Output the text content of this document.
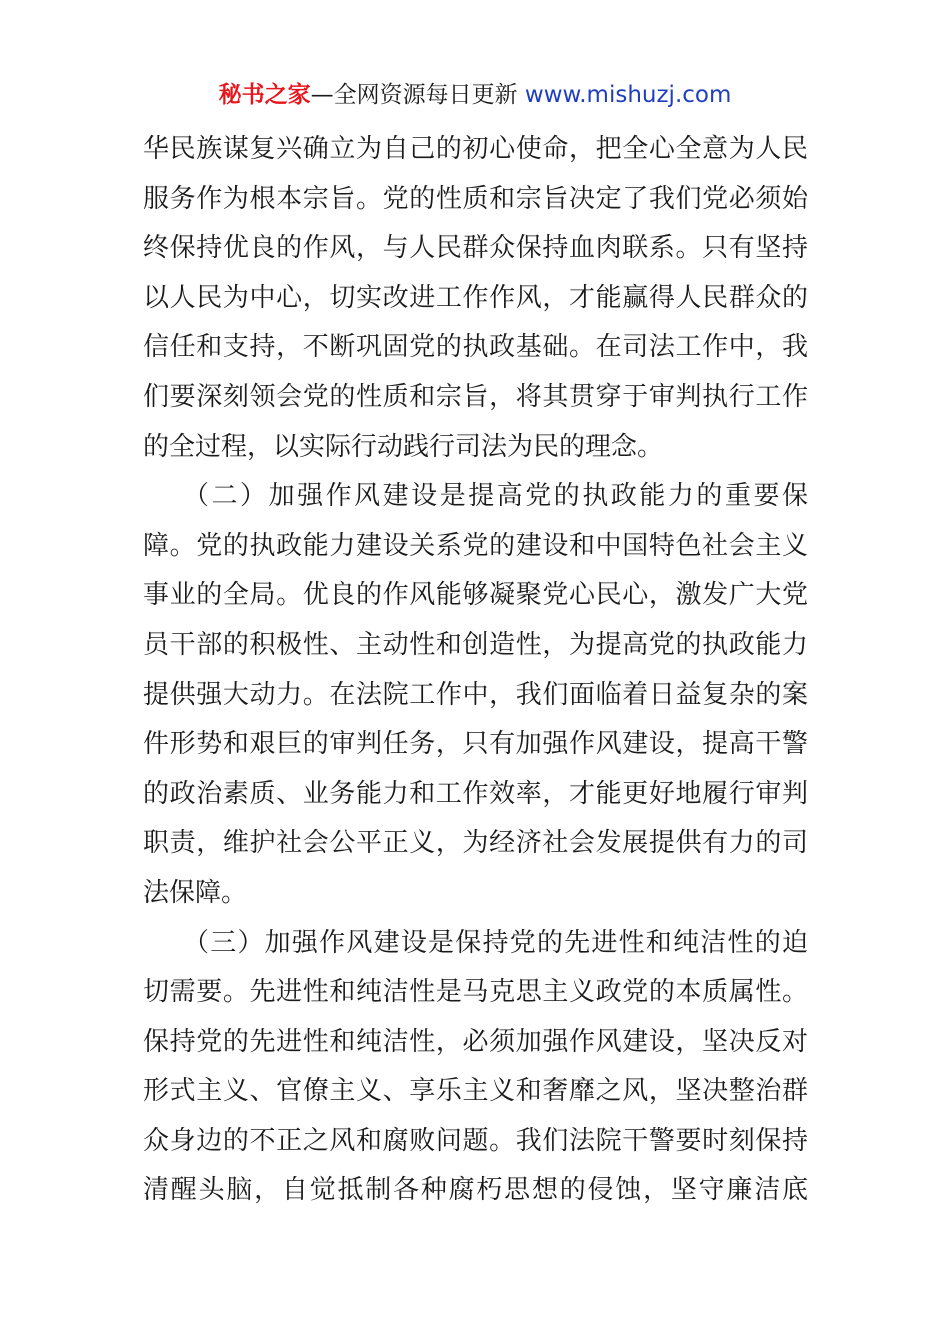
秘书之家—全网资源每日更新 www.mishuzj.com
华民族谋复兴确立为自己的初心使命，把全心全意为人民
服务作为根本宗旨。党的性质和宗旨决定了我们党必须始
终保持优良的作风，与人民群众保持血肉联系。只有坚持
以人民为中心，切实改进工作作风，才能赢得人民群众的
信任和支持，不断巩固党的执政基础。在司法工作中，我
们要深刻领会党的性质和宗旨，将其贯穿于审判执行工作
的全过程，以实际行动践行司法为民的理念。
（二）加强作风建设是提高党的执政能力的重要保
障。党的执政能力建设关系党的建设和中国特色社会主义
事业的全局。优良的作风能够凝聚党心民心，激发广大党
员干部的积极性、主动性和创造性，为提高党的执政能力
提供强大动力。在法院工作中，我们面临着日益复杂的案
件形势和艰巨的审判任务，只有加强作风建设，提高干警
的政治素质、业务能力和工作效率，才能更好地履行审判
职责，维护社会公平正义，为经济社会发展提供有力的司
法保障。
（三）加强作风建设是保持党的先进性和纯洁性的迫
切需要。先进性和纯洁性是马克思主义政党的本质属性。
保持党的先进性和纯洁性，必须加强作风建设，坚决反对
形式主义、官僚主义、享乐主义和奢靡之风，坚决整治群
众身边的不正之风和腐败问题。我们法院干警要时刻保持
清醒头脑，自觉抵制各种腐朽思想的侵蚀，坚守廉洁底
